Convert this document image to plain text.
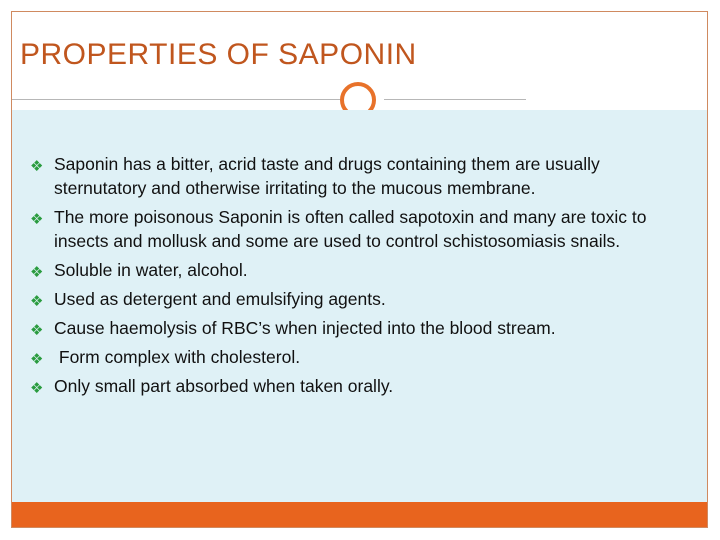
PROPERTIES OF SAPONIN
❖ Saponin has a bitter, acrid taste and drugs containing them are usually sternutatory and otherwise irritating to the mucous membrane.
❖ The more poisonous Saponin is often called sapotoxin and many are toxic to insects and mollusk and some are used to control schistosomiasis snails.
❖ Soluble in water, alcohol.
❖ Used as detergent and emulsifying agents.
❖ Cause haemolysis of RBC’s when injected into the blood stream.
❖ Form complex with cholesterol.
❖ Only small part absorbed when taken orally.
